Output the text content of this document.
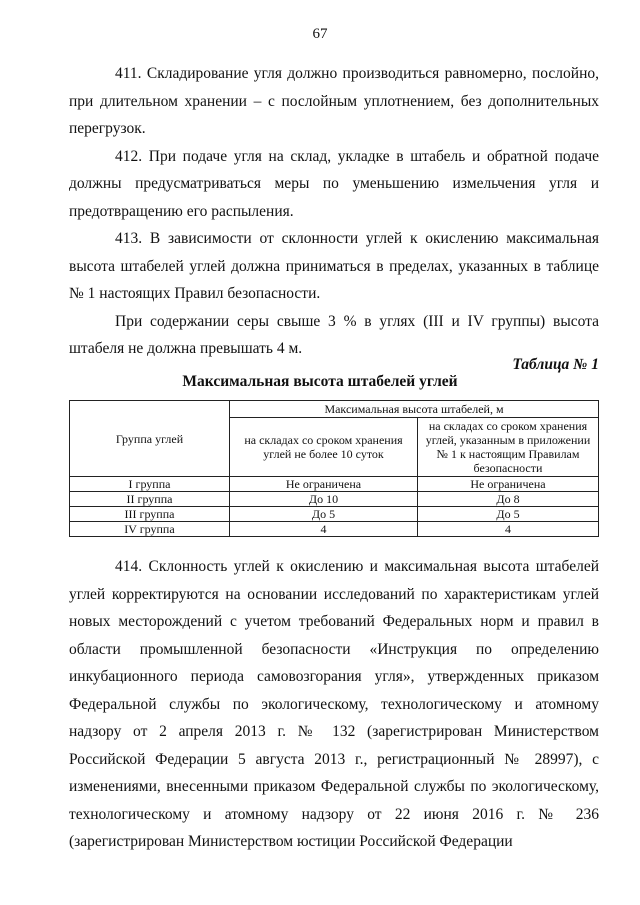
67

411. Складирование угля должно производиться равномерно, послойно, при длительном хранении – с послойным уплотнением, без дополнительных перегрузок.

412. При подаче угля на склад, укладке в штабель и обратной подаче должны предусматриваться меры по уменьшению измельчения угля и предотвращению его распыления.

413. В зависимости от склонности углей к окислению максимальная высота штабелей углей должна приниматься в пределах, указанных в таблице № 1 настоящих Правил безопасности.

При содержании серы свыше 3 % в углях (III и IV группы) высота штабеля не должна превышать 4 м.

Таблица № 1
Максимальная высота штабелей углей
Группа углей	Максимальная высота штабелей, м	
	на складах со сроком хранения углей не более 10 суток	на складах со сроком хранения углей, указанным в приложении № 1 к настоящим Правилам безопасности
I группа	Не ограничена	Не ограничена
II группа	До 10	До 8
III группа	До 5	До 5
IV группа	4	4

414. Склонность углей к окислению и максимальная высота штабелей углей корректируются на основании исследований по характеристикам углей новых месторождений с учетом требований Федеральных норм и правил в области промышленной безопасности «Инструкция по определению инкубационного периода самовозгорания угля», утвержденных приказом Федеральной службы по экологическому, технологическому и атомному надзору от 2 апреля 2013 г. № 132 (зарегистрирован Министерством Российской Федерации 5 августа 2013 г., регистрационный № 28997), с изменениями, внесенными приказом Федеральной службы по экологическому, технологическому и атомному надзору от 22 июня 2016 г. № 236 (зарегистрирован Министерством юстиции Российской Федерации
